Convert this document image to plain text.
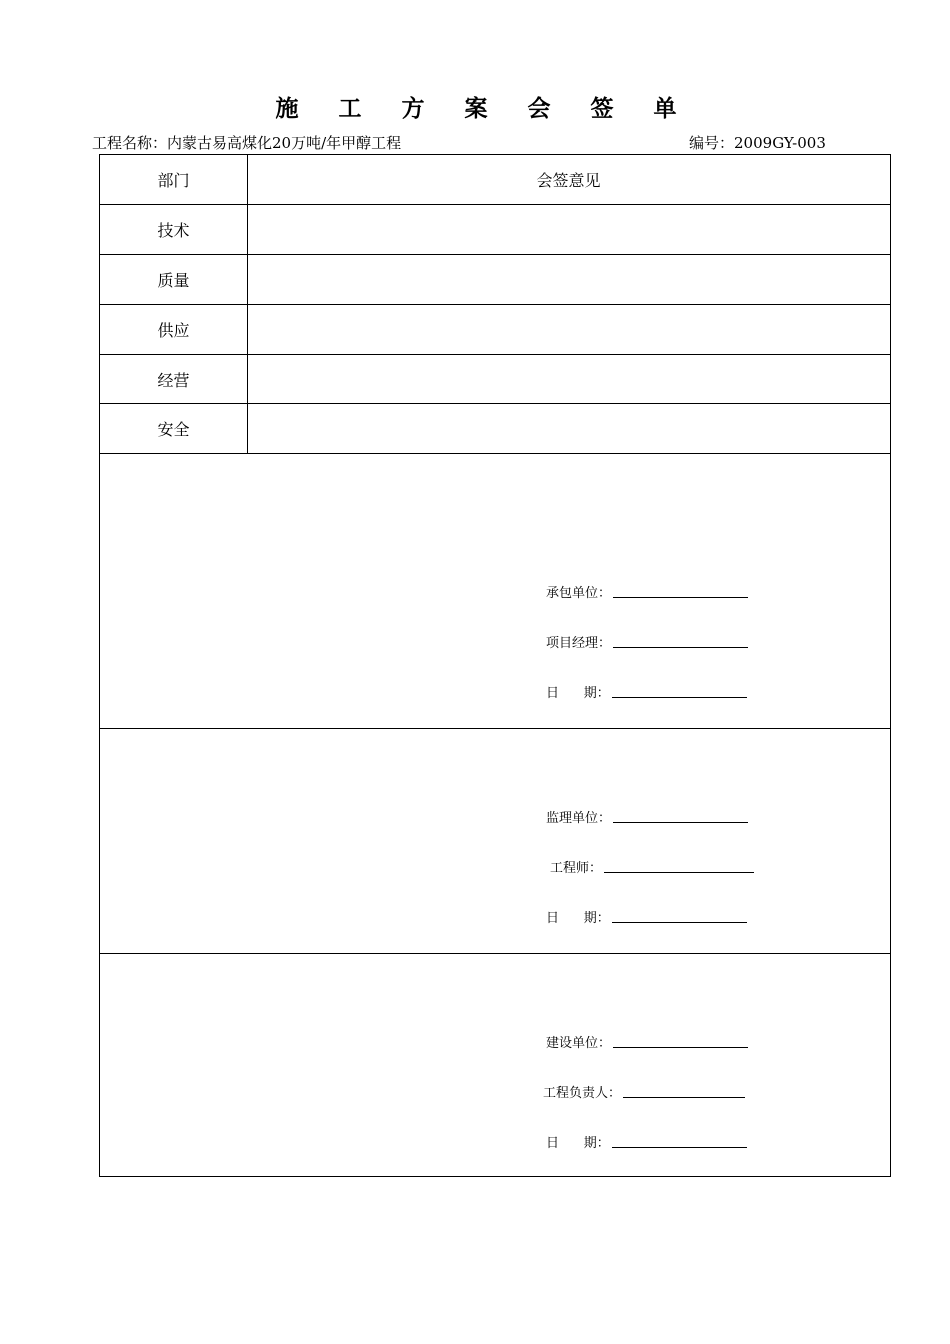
施 工 方 案 会 签 单
工程名称：内蒙古易高煤化20万吨/年甲醇工程	编号：2009GY-003
部门	会签意见
技术
质量
供应
经营
安全
承包单位：
项目经理：
日      期：
监理单位：
工程师：
日      期：
建设单位：
工程负责人：
日      期：
